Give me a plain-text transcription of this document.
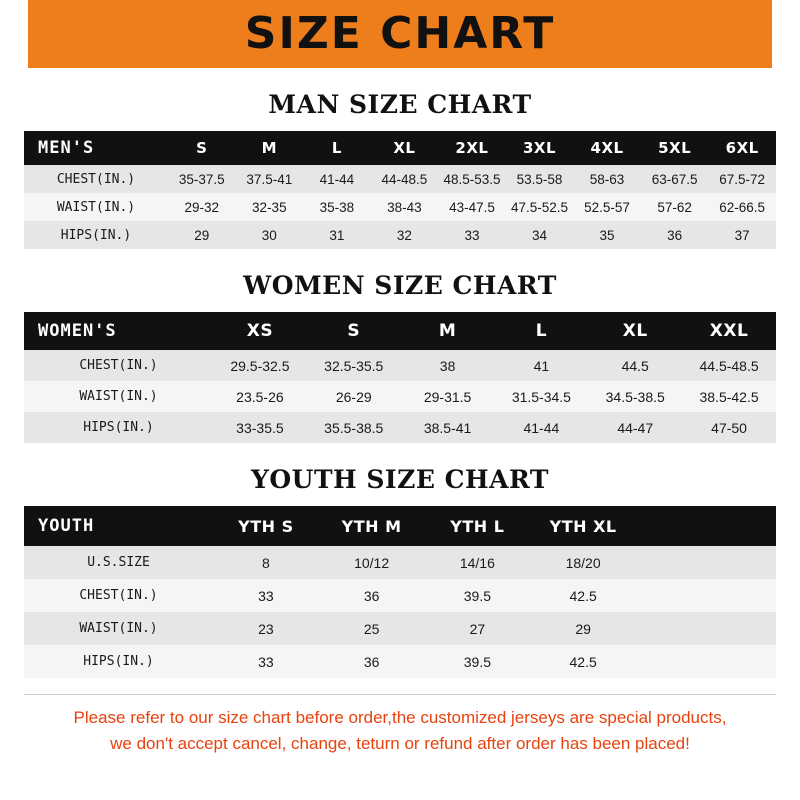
SIZE CHART
MAN SIZE CHART
MEN'S	S	M	L	XL	2XL	3XL	4XL	5XL	6XL
CHEST(IN.)	35-37.5	37.5-41	41-44	44-48.5	48.5-53.5	53.5-58	58-63	63-67.5	67.5-72
WAIST(IN.)	29-32	32-35	35-38	38-43	43-47.5	47.5-52.5	52.5-57	57-62	62-66.5
HIPS(IN.)	29	30	31	32	33	34	35	36	37
WOMEN SIZE CHART
WOMEN'S	XS	S	M	L	XL	XXL
CHEST(IN.)	29.5-32.5	32.5-35.5	38	41	44.5	44.5-48.5
WAIST(IN.)	23.5-26	26-29	29-31.5	31.5-34.5	34.5-38.5	38.5-42.5
HIPS(IN.)	33-35.5	35.5-38.5	38.5-41	41-44	44-47	47-50
YOUTH SIZE CHART
YOUTH	YTH S	YTH M	YTH L	YTH XL	
U.S.SIZE	8	10/12	14/16	18/20	
CHEST(IN.)	33	36	39.5	42.5	
WAIST(IN.)	23	25	27	29	
HIPS(IN.)	33	36	39.5	42.5	

Please refer to our size chart before order,the customized jerseys are special products,

we don't accept cancel, change, teturn or refund after order has been placed!
